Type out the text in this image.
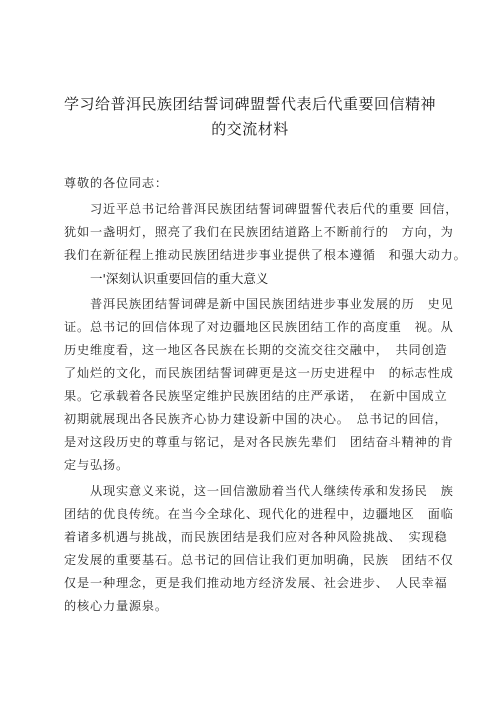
学习给普洱民族团结誓词碑盟誓代表后代重要回信精神
的交流材料
尊敬的各位同志：
　　习近平总书记给普洱民族团结誓词碑盟誓代表后代的重要 回信，
犹如一盏明灯，照亮了我们在民族团结道路上不断前行的　方向，为
我们在新征程上推动民族团结进步事业提供了根本遵循　和强大动力。
一'深刻认识重要回信的重大意义
　　普洱民族团结誓词碑是新中国民族团结进步事业发展的历　史见
证。总书记的回信体现了对边疆地区民族团结工作的高度重　视。从
历史维度看，这一地区各民族在长期的交流交往交融中，　共同创造
了灿烂的文化，而民族团结誓词碑更是这一历史进程中　的标志性成
果。它承载着各民族坚定维护民族团结的庄严承诺，　在新中国成立
初期就展现出各民族齐心协力建设新中国的决心。　总书记的回信，
是对这段历史的尊重与铭记，是对各民族先辈们　团结奋斗精神的肯
定与弘扬。
　　从现实意义来说，这一回信激励着当代人继续传承和发扬民　族
团结的优良传统。在当今全球化、现代化的进程中，边疆地区　面临
着诸多机遇与挑战，而民族团结是我们应对各种风险挑战、　实现稳
定发展的重要基石。总书记的回信让我们更加明确，民族　团结不仅
仅是一种理念，更是我们推动地方经济发展、社会进步、　人民幸福
的核心力量源泉。
